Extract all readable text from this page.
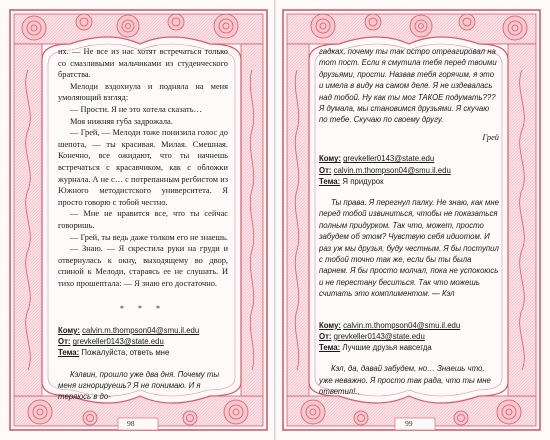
их. — Не все из нас хотят встречаться только со смазливыми мальчиками из студенческого братства.

Мелоди вздохнула и подняла на меня умоляющий взгляд:

— Прости. Я не это хотела сказать…

Моя нижняя губа задрожала.

— Грей, — Мелоди тоже понизила голос до шепота, — ты красивая. Милая. Смешная. Конечно, все ожидают, что ты начнешь встречаться с красавчиком, как с обложки журнала. А не с… с потрепанным регбистом из Южного методистского университета. Я просто говорю с тобой честно.

— Мне не нравится все, что ты сейчас говоришь.

— Грей, ты ведь даже толком его не знаешь.

— Знаю. — Я скрестила руки на груди и отвернулась к окну, выходящему во двор, спиной к Мелоди, стараясь ее не слушать. И тихо прошептала: — Я знаю его достаточно.

* * *
Кому: calvin.m.thompson04@smu.il.edu
От: grevkeller0143@state.edu
Тема: Пожалуйста, ответь мне

Кэлвин, прошло уже два дня. Почему ты меня игнорируешь? Я не понимаю. И я теряюсь в до-

98

гадках, почему ты так остро отреагировал на тот пост. Если я смутила тебя перед твоими друзьями, прости. Назвав тебя горячим, я это и имела в виду на самом деле. Я не издевалась над тобой. Ну как ты мог ТАКОЕ подумать??? Я думала, мы становимся друзьями. Я скучаю по тебе. Скучаю по своему другу.

Грей
Кому: grevkeller0143@state.edu
От: calvin.m.thompson04@smu.il.edu
Тема: Я придурок

Ты права. Я перегнул палку. Не знаю, как мне перед тобой извиниться, чтобы не показаться полным придурком. Так что, может, просто забудем об этом? Чувствую себя идиотом. И раз уж мы друзья, буду честным. Я бы поступил с тобой точно так же, если бы ты была парнем. Я бы просто молчал, пока не успокоюсь и не перестану беситься. Так что можешь считать это комплиментом. — Кэл

Кому: calvin.m.thompson04@smu.il.edu
От: grevkeller0143@state.edu
Тема: Лучшие друзья навсегда

Кэл, да, давай забудем, но… Знаешь что, уже неважно. Я просто так рада, что ты мне ответил!..

99
